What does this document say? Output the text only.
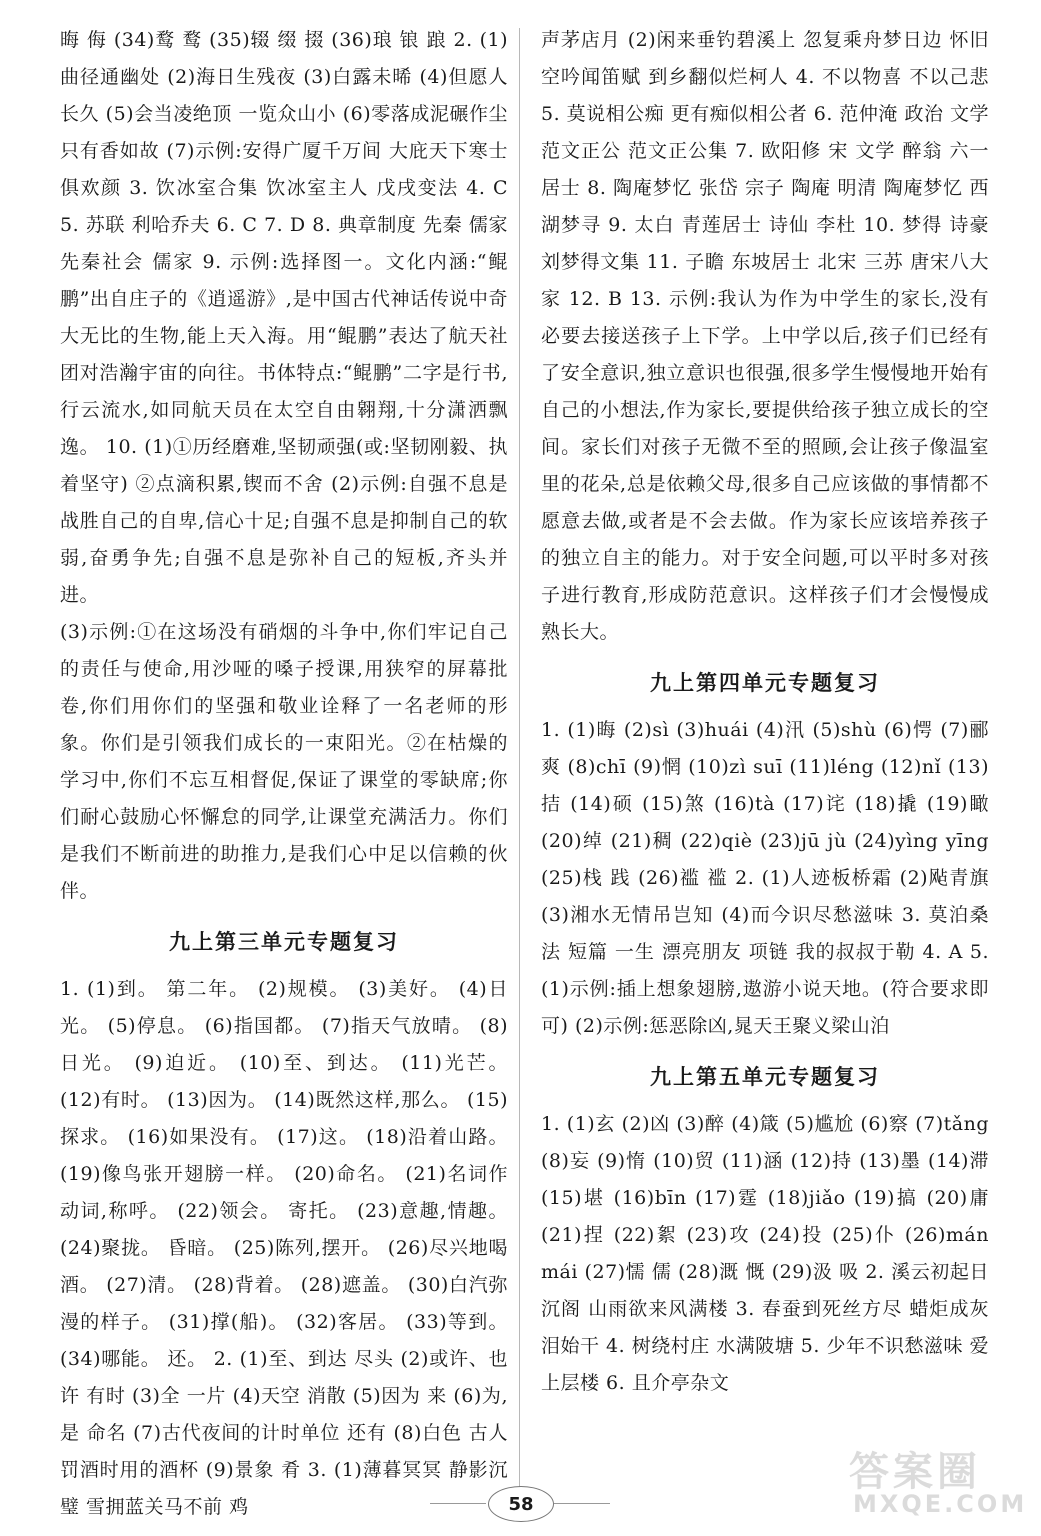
晦 侮 (34)鹜 鹜 (35)辍 缀 掇 (36)琅 锒 踉 2. (1)曲径通幽处 (2)海日生残夜 (3)白露未晞 (4)但愿人长久 (5)会当凌绝顶 一览众山小 (6)零落成泥碾作尘 只有香如故 (7)示例:安得广厦千万间 大庇天下寒士俱欢颜 3. 饮冰室合集 饮冰室主人 戊戌变法 4. C 5. 苏联 利哈乔夫 6. C 7. D 8. 典章制度 先秦 儒家 先秦社会 儒家 9. 示例:选择图一。文化内涵:“鲲鹏”出自庄子的《逍遥游》,是中国古代神话传说中奇大无比的生物,能上天入海。用“鲲鹏”表达了航天社团对浩瀚宇宙的向往。书体特点:“鲲鹏”二字是行书,行云流水,如同航天员在太空自由翱翔,十分潇洒飘逸。 10. (1)①历经磨难,坚韧顽强(或:坚韧刚毅、执着坚守) ②点滴积累,锲而不舍 (2)示例:自强不息是战胜自己的自卑,信心十足;自强不息是抑制自己的软弱,奋勇争先;自强不息是弥补自己的短板,齐头并进。

(3)示例:①在这场没有硝烟的斗争中,你们牢记自己的责任与使命,用沙哑的嗓子授课,用狭窄的屏幕批卷,你们用你们的坚强和敬业诠释了一名老师的形象。你们是引领我们成长的一束阳光。②在枯燥的学习中,你们不忘互相督促,保证了课堂的零缺席;你们耐心鼓励心怀懈怠的同学,让课堂充满活力。你们是我们不断前进的助推力,是我们心中足以信赖的伙伴。

九上第三单元专题复习

1. (1)到。 第二年。 (2)规模。 (3)美好。 (4)日光。 (5)停息。 (6)指国都。 (7)指天气放晴。 (8)日光。 (9)迫近。 (10)至、到达。 (11)光芒。 (12)有时。 (13)因为。 (14)既然这样,那么。 (15)探求。 (16)如果没有。 (17)这。 (18)沿着山路。 (19)像鸟张开翅膀一样。 (20)命名。 (21)名词作动词,称呼。 (22)领会。 寄托。 (23)意趣,情趣。 (24)聚拢。 昏暗。 (25)陈列,摆开。 (26)尽兴地喝酒。 (27)清。 (28)背着。 (28)遮盖。 (30)白汽弥漫的样子。 (31)撑(船)。 (32)客居。 (33)等到。 (34)哪能。 还。 2. (1)至、到达 尽头 (2)或许、也许 有时 (3)全 一片 (4)天空 消散 (5)因为 来 (6)为,是 命名 (7)古代夜间的计时单位 还有 (8)白色 古人罚酒时用的酒杯 (9)景象 肴 3. (1)薄暮冥冥 静影沉璧 雪拥蓝关马不前 鸡

声茅店月 (2)闲来垂钓碧溪上 忽复乘舟梦日边 怀旧空吟闻笛赋 到乡翻似烂柯人 4. 不以物喜 不以己悲 5. 莫说相公痴 更有痴似相公者 6. 范仲淹 政治 文学 范文正公 范文正公集 7. 欧阳修 宋 文学 醉翁 六一居士 8. 陶庵梦忆 张岱 宗子 陶庵 明清 陶庵梦忆 西湖梦寻 9. 太白 青莲居士 诗仙 李杜 10. 梦得 诗豪 刘梦得文集 11. 子瞻 东坡居士 北宋 三苏 唐宋八大家 12. B 13. 示例:我认为作为中学生的家长,没有必要去接送孩子上下学。上中学以后,孩子们已经有了安全意识,独立意识也很强,很多学生慢慢地开始有自己的小想法,作为家长,要提供给孩子独立成长的空间。家长们对孩子无微不至的照顾,会让孩子像温室里的花朵,总是依赖父母,很多自己应该做的事情都不愿意去做,或者是不会去做。作为家长应该培养孩子的独立自主的能力。对于安全问题,可以平时多对孩子进行教育,形成防范意识。这样孩子们才会慢慢成熟长大。

九上第四单元专题复习

1. (1)晦 (2)sì (3)huái (4)汛 (5)shù (6)愕 (7)郦爽 (8)chī (9)惘 (10)zì suī (11)léng (12)nǐ (13)拮 (14)硕 (15)煞 (16)tà (17)诧 (18)撬 (19)瞰 (20)绰 (21)稠 (22)qiè (23)jū jù (24)yìng yīng (25)栈 践 (26)褴 褴 2. (1)人迹板桥霜 (2)飐青旗 (3)湘水无情吊岂知 (4)而今识尽愁滋味 3. 莫泊桑 法 短篇 一生 漂亮朋友 项链 我的叔叔于勒 4. A 5. (1)示例:插上想象翅膀,遨游小说天地。(符合要求即可) (2)示例:惩恶除凶,晁天王聚义梁山泊

九上第五单元专题复习

1. (1)玄 (2)凶 (3)醉 (4)箴 (5)尴尬 (6)察 (7)tǎng (8)妄 (9)惰 (10)贸 (11)涵 (12)持 (13)墨 (14)滞 (15)堪 (16)bīn (17)霆 (18)jiǎo (19)搞 (20)庸 (21)捏 (22)絮 (23)攻 (24)投 (25)仆 (26)mán mái (27)懦 儒 (28)溉 慨 (29)汲 吸 2. 溪云初起日沉阁 山雨欲来风满楼 3. 春蚕到死丝方尽 蜡炬成灰泪始干 4. 树绕村庄 水满陂塘 5. 少年不识愁滋味 爱上层楼 6. 且介亭杂文

58
答案圈
MXQE.COM
